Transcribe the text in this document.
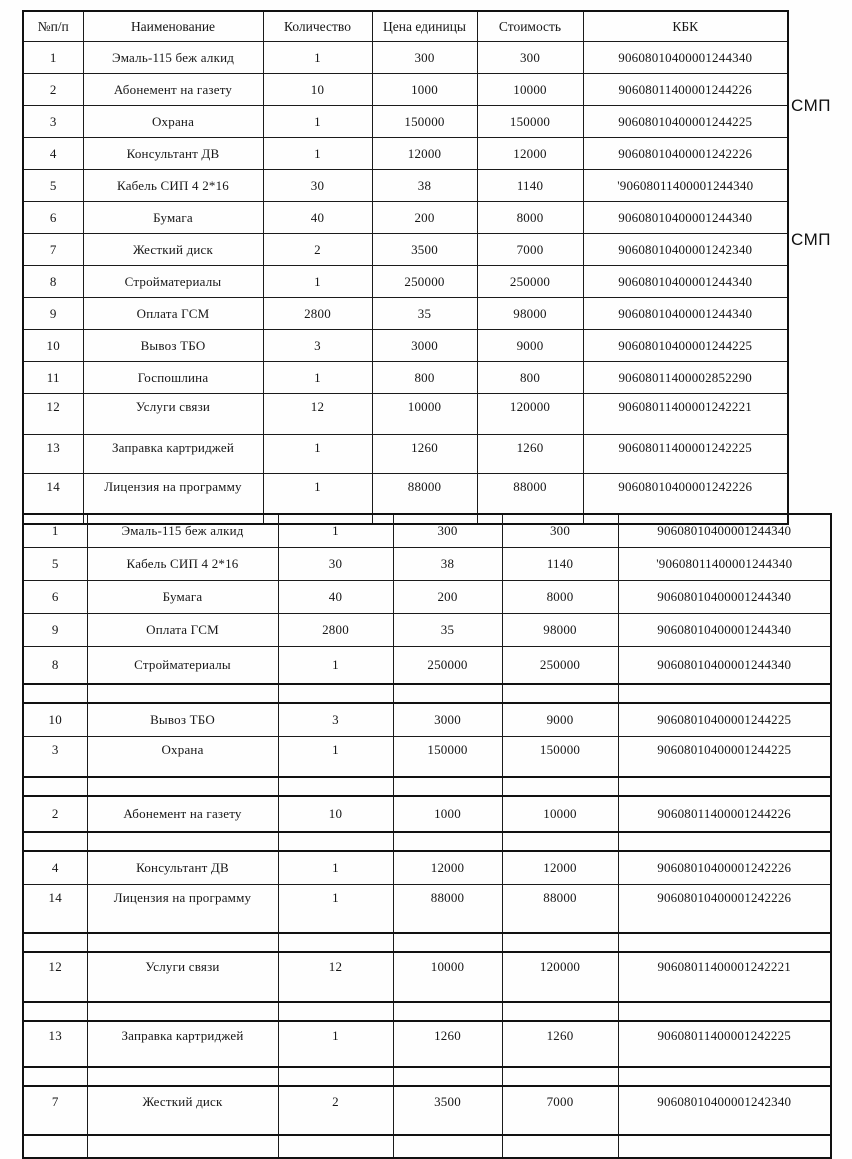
№п/п	Наименование	Количество	Цена единицы	Стоимость	КБК
1	Эмаль-115 беж алкид	1	300	300	90608010400001244340
2	Абонемент на газету	10	1000	10000	90608011400001244226
3	Охрана	1	150000	150000	90608010400001244225
4	Консультант ДВ	1	12000	12000	90608010400001242226
5	Кабель СИП 4 2*16	30	38	1140	'90608011400001244340
6	Бумага	40	200	8000	90608010400001244340
7	Жесткий диск	2	3500	7000	90608010400001242340
8	Стройматериалы	1	250000	250000	90608010400001244340
9	Оплата ГСМ	2800	35	98000	90608010400001244340
10	Вывоз ТБО	3	3000	9000	90608010400001244225
11	Госпошлина	1	800	800	90608011400002852290
12	Услуги связи	12	10000	120000	90608011400001242221
13	Заправка картриджей	1	1260	1260	90608011400001242225
14	Лицензия на программу	1	88000	88000	90608010400001242226
СМП
СМП
1	Эмаль-115 беж алкид	1	300	300	90608010400001244340
5	Кабель СИП 4 2*16	30	38	1140	'90608011400001244340
6	Бумага	40	200	8000	90608010400001244340
9	Оплата ГСМ	2800	35	98000	90608010400001244340
8	Стройматериалы	1	250000	250000	90608010400001244340

10	Вывоз ТБО	3	3000	9000	90608010400001244225
3	Охрана	1	150000	150000	90608010400001244225

2	Абонемент на газету	10	1000	10000	90608011400001244226

4	Консультант ДВ	1	12000	12000	90608010400001242226
14	Лицензия на программу	1	88000	88000	90608010400001242226

12	Услуги связи	12	10000	120000	90608011400001242221

13	Заправка картриджей	1	1260	1260	90608011400001242225

7	Жесткий диск	2	3500	7000	90608010400001242340
